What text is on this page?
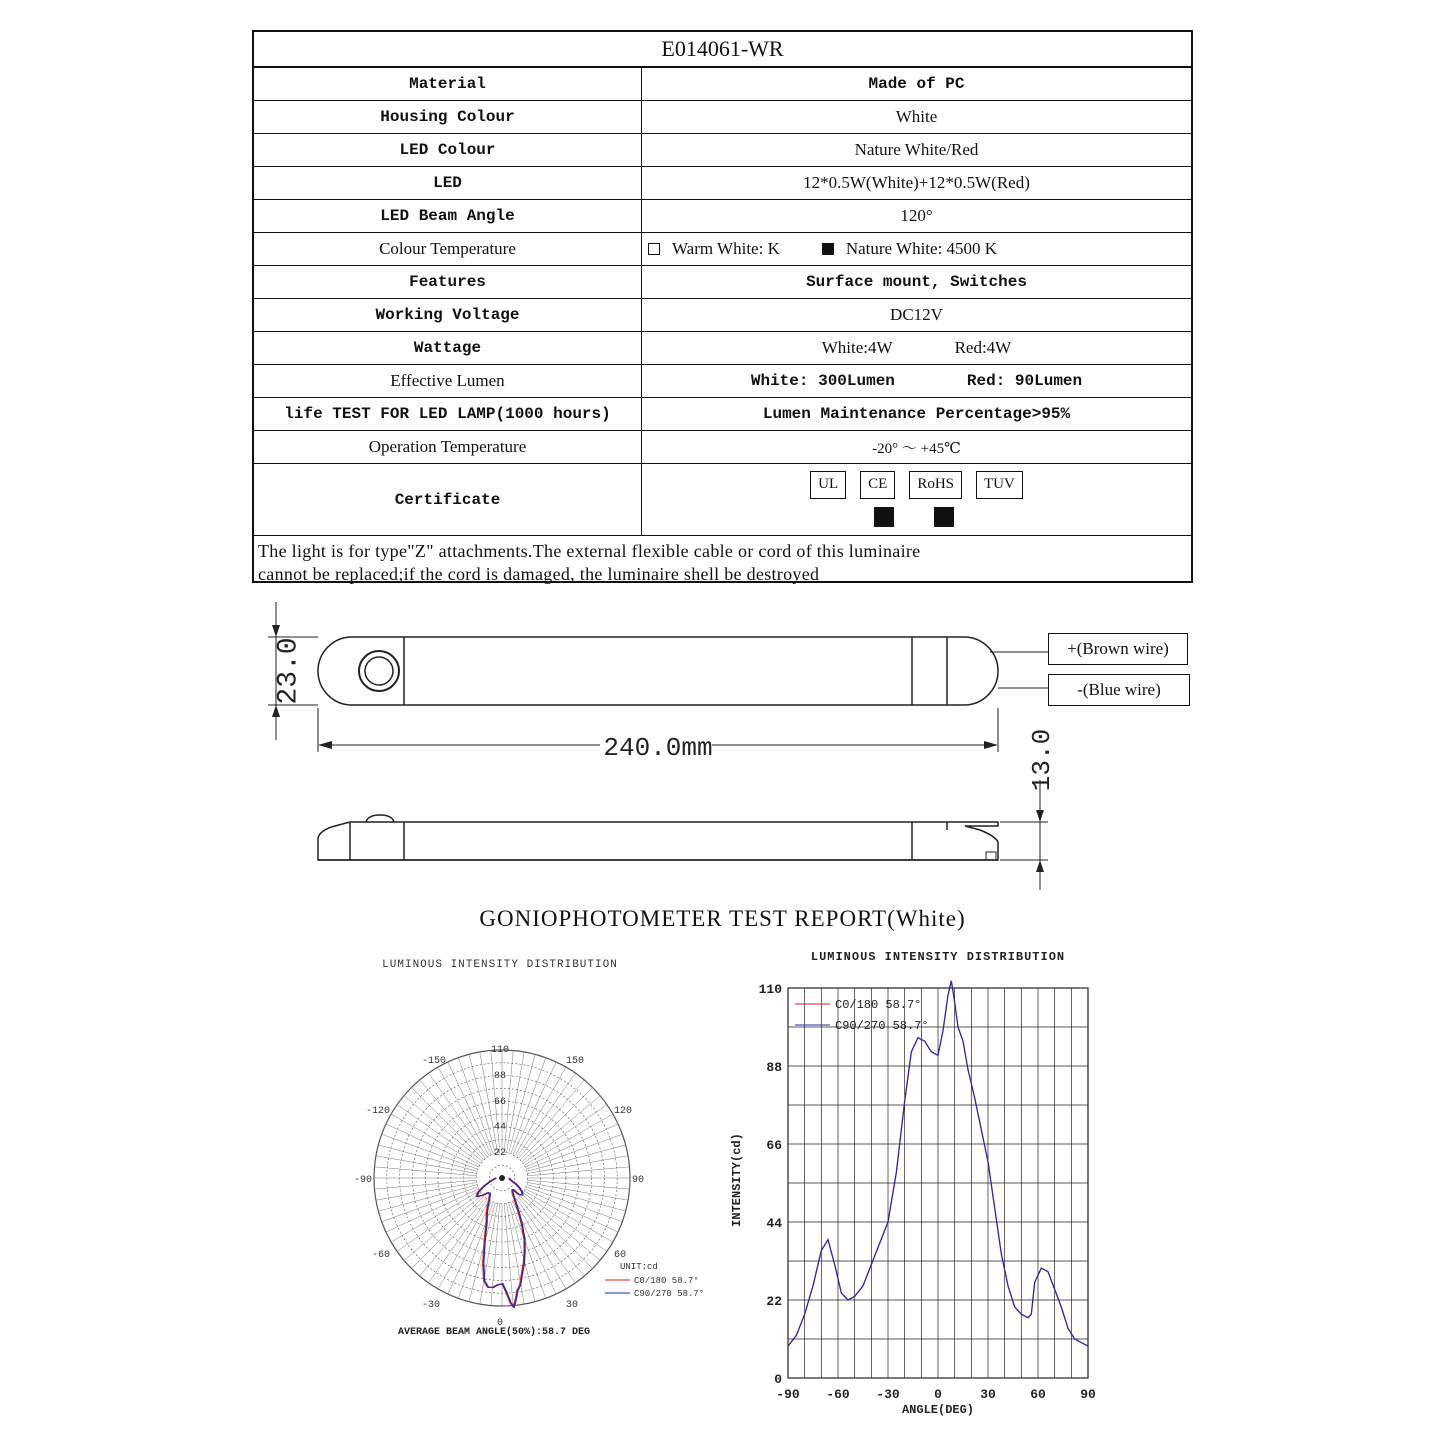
E014061-WR
Material	Made of PC
Housing Colour	White
LED Colour	Nature White/Red
LED	12*0.5W(White)+12*0.5W(Red)
LED Beam Angle	120°
Colour Temperature	Warm White: K	Nature White: 4500 K
Features	Surface mount, Switches
Working Voltage	DC12V
Wattage	White:4W	Red:4W
Effective Lumen	White: 300Lumen	Red: 90Lumen
life TEST FOR LED LAMP(1000 hours)	Lumen Maintenance Percentage>95%
Operation Temperature	-20° ～ +45℃
Certificate
UL	CE	RoHS	TUV
The light is for type"Z" attachments.The external flexible cable or cord of this luminaire
cannot be replaced;if the cord is damaged, the luminaire shell be destroyed
23.0
240.0mm	13.0
+(Brown wire)
-(Blue wire)
GONIOPHOTOMETER TEST REPORT(White)
LUMINOUS INTENSITY DISTRIBUTION
-150	150
-120	120
-90	90
-60	60
-30	30
0
110
88
66
44
22
UNIT:cd
C0/180 58.7°
C90/270 58.7°
AVERAGE BEAM ANGLE(50%):58.7 DEG
LUMINOUS INTENSITY DISTRIBUTION
-90 -60 -30	0	30	60	90
0
22
44
66
88
110
C0/180 58.7°
C90/270 58.7°
INTENSITY(cd)
ANGLE(DEG)
